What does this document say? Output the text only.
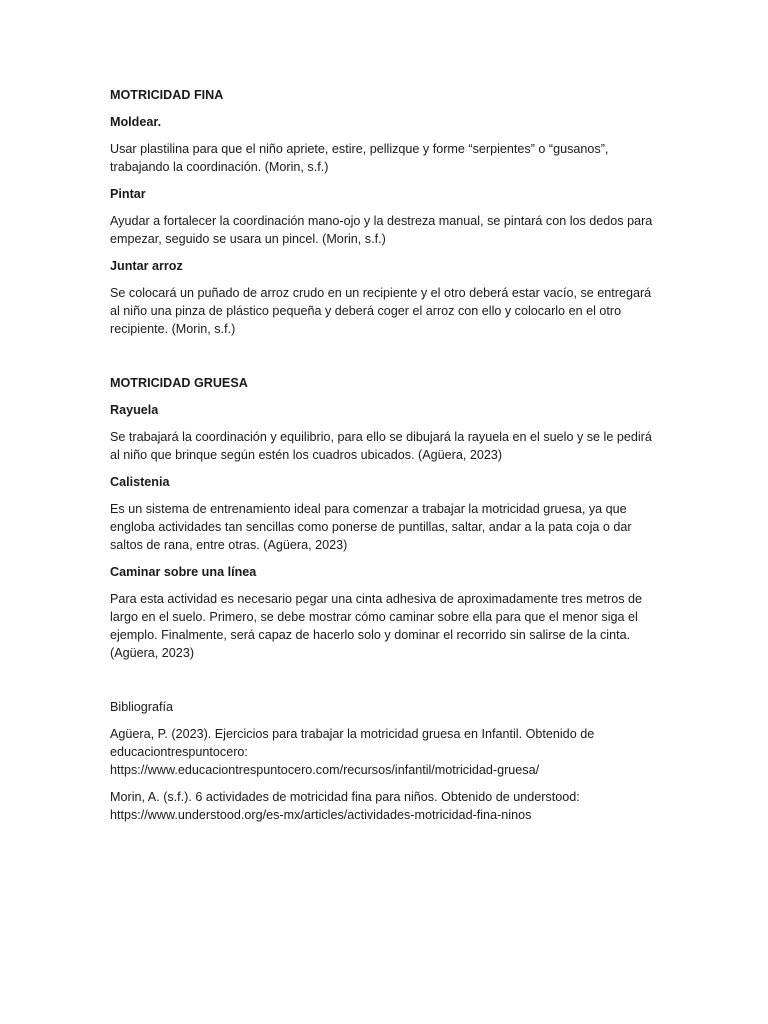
MOTRICIDAD FINA
Moldear.
Usar plastilina para que el niño apriete, estire, pellizque y forme “serpientes” o “gusanos”, trabajando la coordinación. (Morin, s.f.)
Pintar
Ayudar a fortalecer la coordinación mano-ojo y la destreza manual, se pintará con los dedos para empezar, seguido se usara un pincel. (Morin, s.f.)
Juntar arroz
Se colocará un puñado de arroz crudo en un recipiente y el otro deberá estar vacío, se entregará al niño una pinza de plástico pequeña y deberá coger el arroz con ello y colocarlo en el otro recipiente. (Morin, s.f.)
MOTRICIDAD GRUESA
Rayuela
Se trabajará la coordinación y equilibrio, para ello se dibujará la rayuela en el suelo y se le pedirá al niño que brinque según estén los cuadros ubicados. (Agüera, 2023)
Calistenia
Es un sistema de entrenamiento ideal para comenzar a trabajar la motricidad gruesa, ya que engloba actividades tan sencillas como ponerse de puntillas, saltar, andar a la pata coja o dar saltos de rana, entre otras. (Agüera, 2023)
Caminar sobre una línea
Para esta actividad es necesario pegar una cinta adhesiva de aproximadamente tres metros de largo en el suelo. Primero, se debe mostrar cómo caminar sobre ella para que el menor siga el ejemplo. Finalmente, será capaz de hacerlo solo y dominar el recorrido sin salirse de la cinta. (Agüera, 2023)
Bibliografía
Agüera, P. (2023). Ejercicios para trabajar la motricidad gruesa en Infantil. Obtenido de educaciontrespuntocero:
https://www.educaciontrespuntocero.com/recursos/infantil/motricidad-gruesa/
Morin, A. (s.f.). 6 actividades de motricidad fina para niños. Obtenido de understood:
https://www.understood.org/es-mx/articles/actividades-motricidad-fina-ninos
